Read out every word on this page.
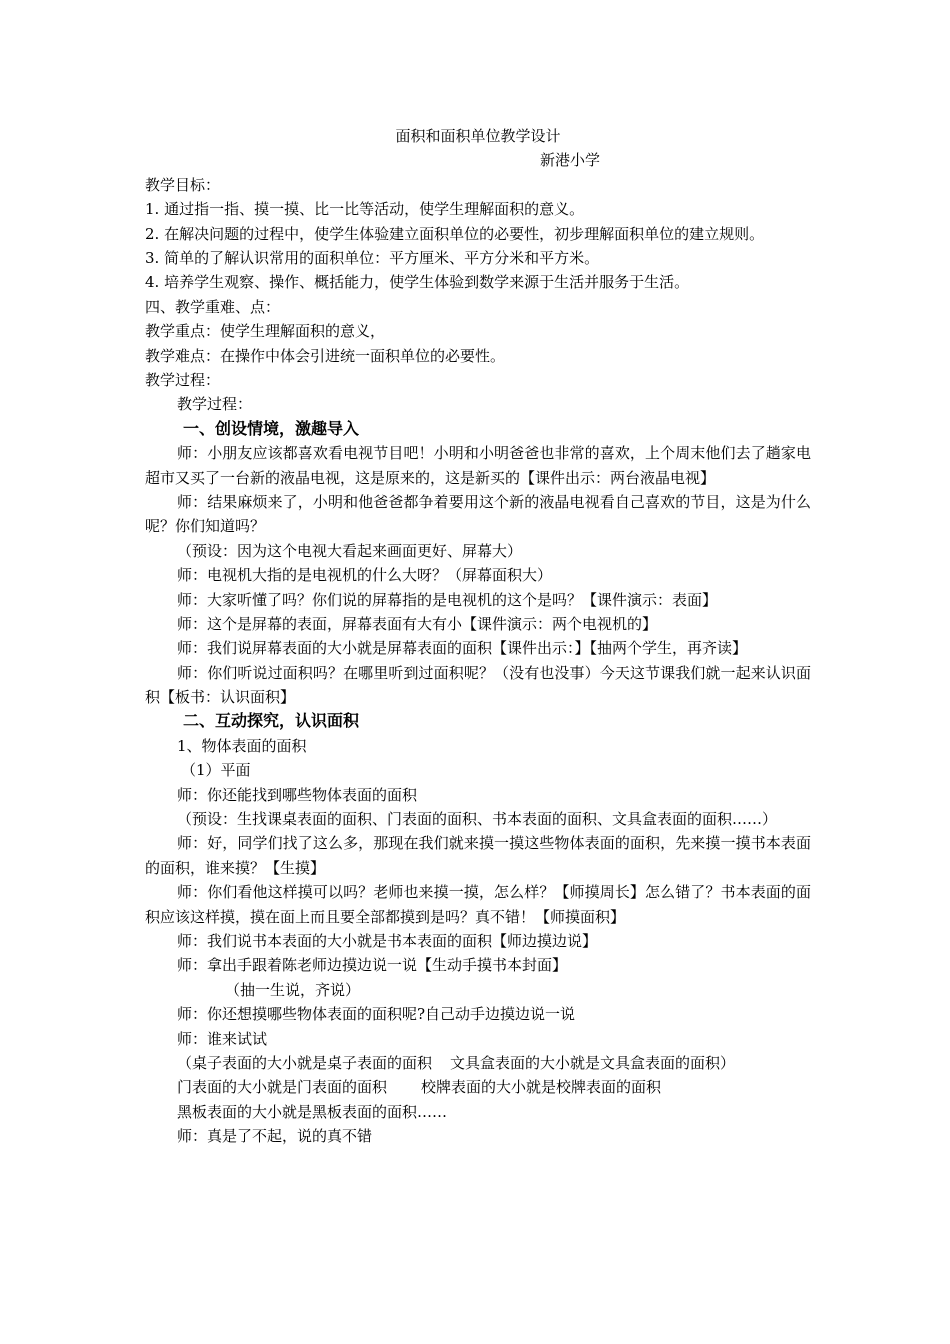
面积和面积单位教学设计
新港小学
教学目标：
1. 通过指一指、摸一摸、比一比等活动，使学生理解面积的意义。
2. 在解决问题的过程中，使学生体验建立面积单位的必要性，初步理解面积单位的建立规则。
3. 简单的了解认识常用的面积单位：平方厘米、平方分米和平方米。
4. 培养学生观察、操作、概括能力，使学生体验到数学来源于生活并服务于生活。
四、教学重难、点：
教学重点：使学生理解面积的意义，
教学难点：在操作中体会引进统一面积单位的必要性。
教学过程：
教学过程：
一、创设情境，激趣导入
师：小朋友应该都喜欢看电视节目吧！小明和小明爸爸也非常的喜欢，上个周末他们去了趟家电超市又买了一台新的液晶电视，这是原来的，这是新买的【课件出示：两台液晶电视】
师：结果麻烦来了，小明和他爸爸都争着要用这个新的液晶电视看自己喜欢的节目，这是为什么呢？你们知道吗？
（预设：因为这个电视大看起来画面更好、屏幕大）
师：电视机大指的是电视机的什么大呀？（屏幕面积大）
师：大家听懂了吗？你们说的屏幕指的是电视机的这个是吗？【课件演示：表面】
师：这个是屏幕的表面，屏幕表面有大有小【课件演示：两个电视机的】
师：我们说屏幕表面的大小就是屏幕表面的面积【课件出示：】【抽两个学生，再齐读】
师：你们听说过面积吗？在哪里听到过面积呢？（没有也没事）今天这节课我们就一起来认识面积【板书：认识面积】
二、互动探究，认识面积
1、物体表面的面积
（1）平面
师：你还能找到哪些物体表面的面积
（预设：生找课桌表面的面积、门表面的面积、书本表面的面积、文具盒表面的面积……）
师：好，同学们找了这么多，那现在我们就来摸一摸这些物体表面的面积，先来摸一摸书本表面的面积，谁来摸？【生摸】
师：你们看他这样摸可以吗？老师也来摸一摸，怎么样？【师摸周长】怎么错了？书本表面的面积应该这样摸，摸在面上而且要全部都摸到是吗？真不错！【师摸面积】
师：我们说书本表面的大小就是书本表面的面积【师边摸边说】
师：拿出手跟着陈老师边摸边说一说【生动手摸书本封面】
（抽一生说，齐说）
师：你还想摸哪些物体表面的面积呢?自己动手边摸边说一说
师：谁来试试
（桌子表面的大小就是桌子表面的面积 文具盒表面的大小就是文具盒表面的面积）
门表面的大小就是门表面的面积 校牌表面的大小就是校牌表面的面积
黑板表面的大小就是黑板表面的面积……
师：真是了不起，说的真不错
